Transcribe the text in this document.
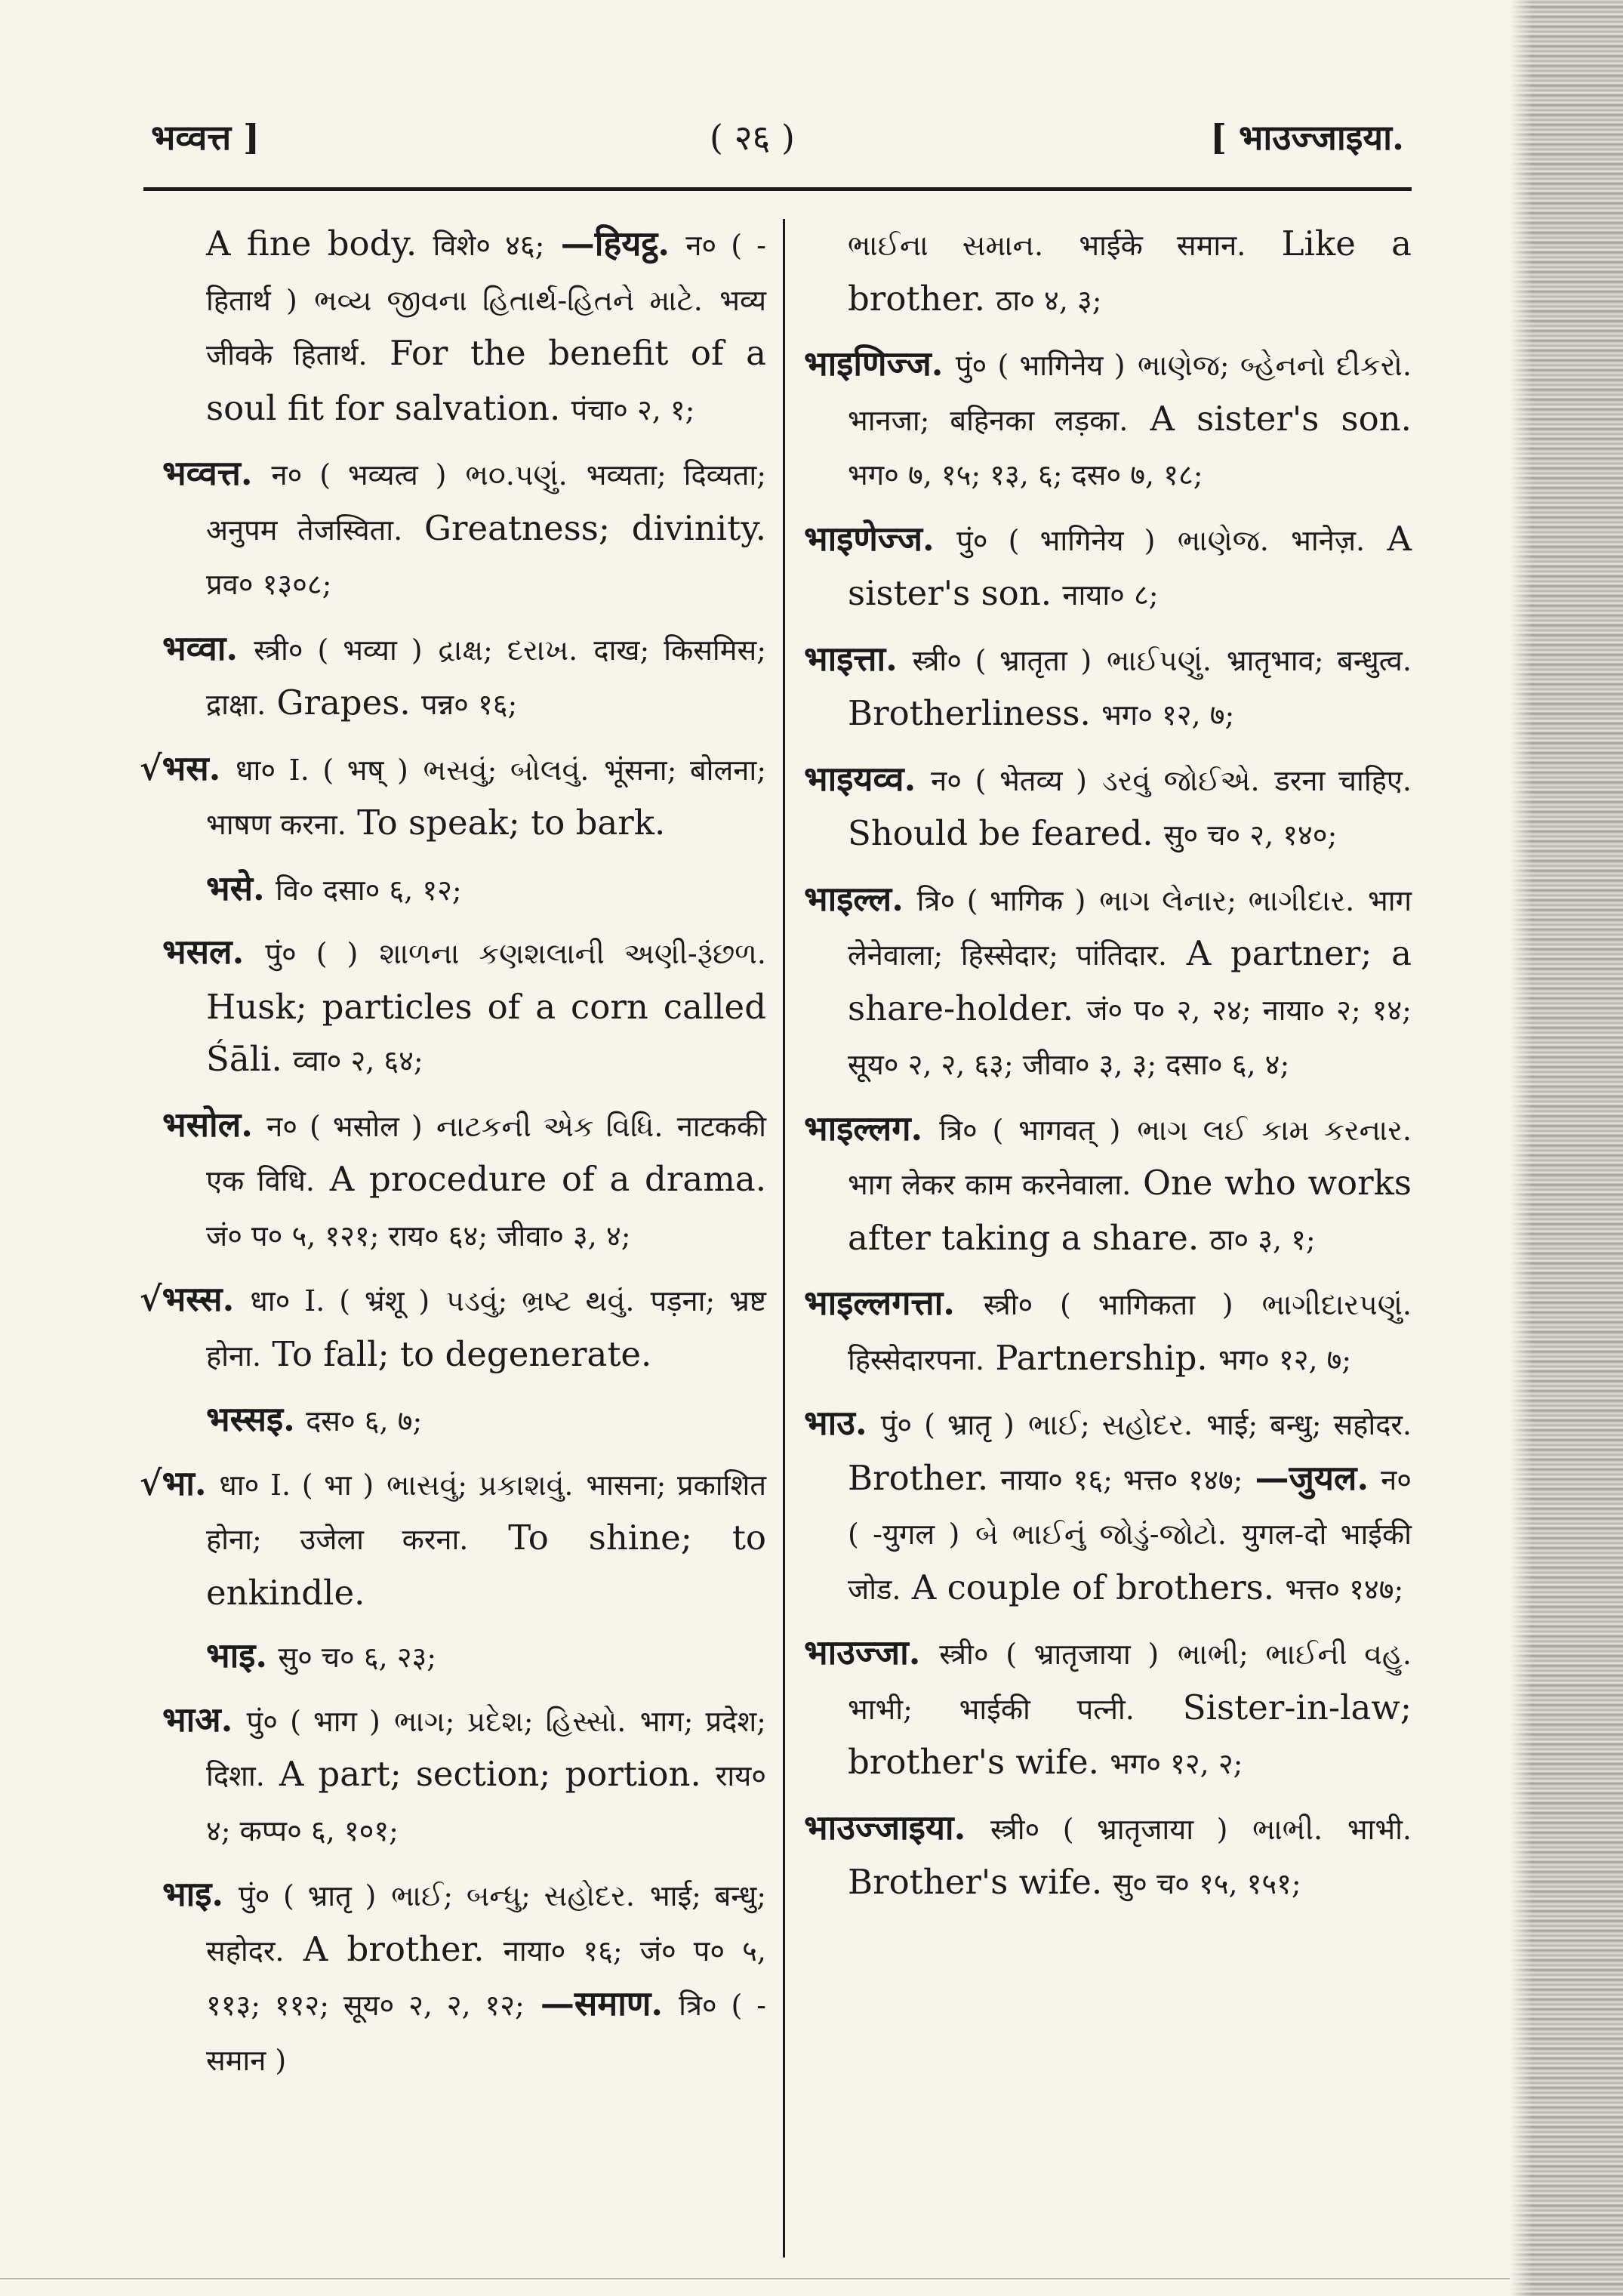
भव्वत्त ]	( २६ )	[ भाउज्जाइया.

A fine body. विशे० ४६; —हियट्ठ. न० ( -हितार्थ ) ભવ્ય જીવના હિતાર્થ-હિતને માટે. भव्य जीवके हितार्थ. For the benefit of a soul fit for salvation. पंचा० २, १;

भव्वत्त. न० ( भव्यत्व ) ભ૦.પણું. भव्यता; दिव्यता; अनुपम तेजस्विता. Greatness; divinity. प्रव० १३०८;

भव्वा. स्त्री० ( भव्या ) દ્રાક્ષ; દરાખ. दाख; किसमिस; द्राक्षा. Grapes. पन्न० १६;

√भस. धा० I. ( भष् ) ભસવું; બોલવું. भूंसना; बोलना; भाषण करना. To speak; to bark.

भसे. वि० दसा० ६, १२;

भसल. पुं० ( ) શાળના કણશલાની અણી-રૂંછળ. Husk; particles of a corn called Śāli. व्वा० २, ६४;

भसोल. न० ( भसोल ) નાટકની એક વિધિ. नाटककी एक विधि. A procedure of a drama. जं० प० ५, १२१; राय० ६४; जीवा० ३, ४;

√भस्स. धा० I. ( भ्रंशू ) પડવું; ભ્રષ્ટ થવું. पड़ना; भ्रष्ट होना. To fall; to degenerate.

भस्सइ. दस० ६, ७;

√भा. धा० I. ( भा ) ભાસવું; પ્રકાશવું. भासना; प्रकाशित होना; उजेला करना. To shine; to enkindle.

भाइ. सु० च० ६, २३;

भाअ. पुं० ( भाग ) ભાગ; પ્રદેશ; હિસ્સો. भाग; प्रदेश; दिशा. A part; section; portion. राय० ४; कप्प० ६, १०१;

भाइ. पुं० ( भ्रातृ ) ભાઈ; બન્ધુ; સહોદર. भाई; बन्धु; सहोदर. A brother. नाया० १६; जं० प० ५, ११३; ११२; सूय० २, २, १२; —समाण. त्रि० ( -समान )

ભાઈના સમાન. भाईके समान. Like a brother. ठा० ४, ३;

भाइणिज्ज. पुं० ( भागिनेय ) ભાણેજ; બ્હેનનો દીકરો. भानजा; बहिनका लड़का. A sister's son. भग० ७, १५; १३, ६; दस० ७, १८;

भाइणेज्ज. पुं० ( भागिनेय ) ભાણેજ. भानेज़. A sister's son. नाया० ८;

भाइत्ता. स्त्री० ( भ्रातृता ) ભાઈપણું. भ्रातृभाव; बन्धुत्व. Brotherliness. भग० १२, ७;

भाइयव्व. न० ( भेतव्य ) ડરવું જોઈએ. डरना चाहिए. Should be feared. सु० च० २, १४०;

भाइल्ल. त्रि० ( भागिक ) ભાગ લેનાર; ભાગીદાર. भाग लेनेवाला; हिस्सेदार; पांतिदार. A partner; a share-holder. जं० प० २, २४; नाया० २; १४; सूय० २, २, ६३; जीवा० ३, ३; दसा० ६, ४;

भाइल्लग. त्रि० ( भागवत् ) ભાગ લઈ કામ કરનાર. भाग लेकर काम करनेवाला. One who works after taking a share. ठा० ३, १;

भाइल्लगत्ता. स्त्री० ( भागिकता ) ભાગીદારપણું. हिस्सेदारपना. Partnership. भग० १२, ७;

भाउ. पुं० ( भ्रातृ ) ભાઈ; સહોદર. भाई; बन्धु; सहोदर. Brother. नाया० १६; भत्त० १४७; —जुयल. न० ( -युगल ) બે ભાઈનું જોડું-જોટો. युगल-दो भाईकी जोड. A couple of brothers. भत्त० १४७;

भाउज्जा. स्त्री० ( भ्रातृजाया ) ભાભી; ભાઈની વહુ. भाभी; भाईकी पत्नी. Sister-in-law; brother's wife. भग० १२, २;

भाउज्जाइया. स्त्री० ( भ्रातृजाया ) ભાભી. भाभी. Brother's wife. सु० च० १५, १५१;
